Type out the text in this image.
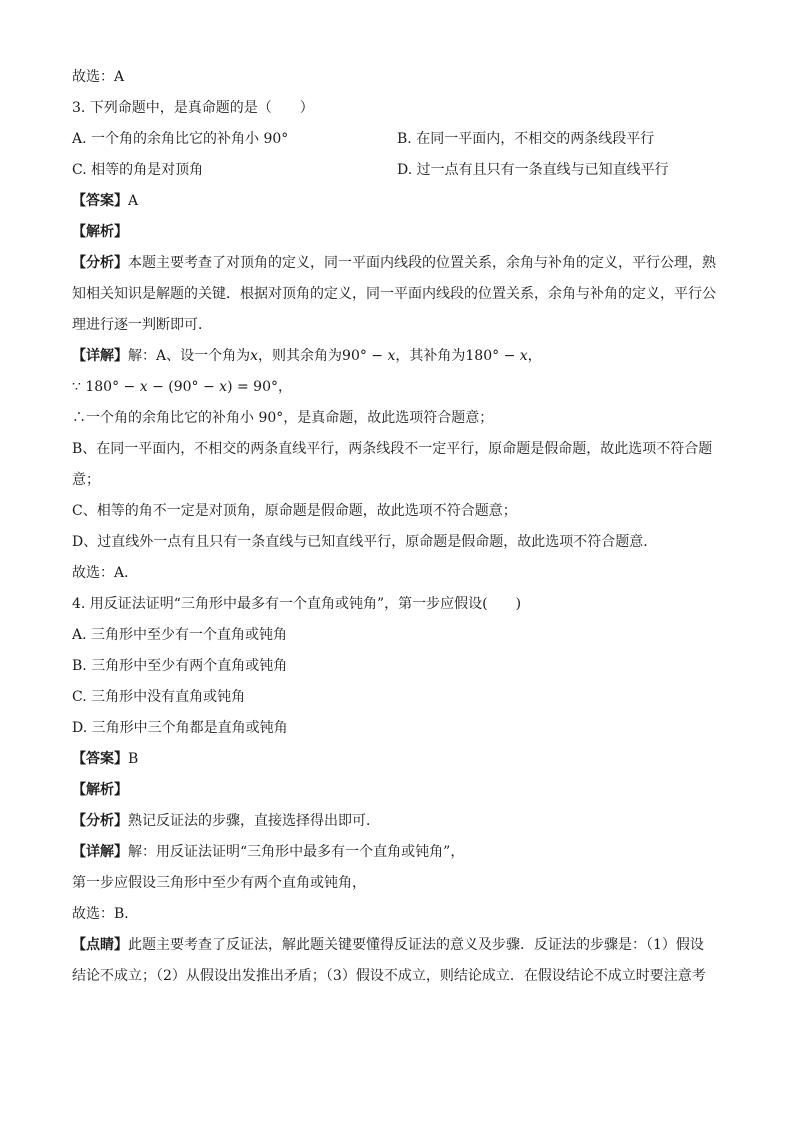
故选：A
3. 下列命题中，是真命题的是（　　）
A. 一个角的余角比它的补角小 90°	B. 在同一平面内，不相交的两条线段平行
C. 相等的角是对顶角	D. 过一点有且只有一条直线与已知直线平行
【答案】A
【解析】
【分析】本题主要考查了对顶角的定义，同一平面内线段的位置关系，余角与补角的定义，平行公理，熟
知相关知识是解题的关键．根据对顶角的定义，同一平面内线段的位置关系，余角与补角的定义，平行公
理进行逐一判断即可．
【详解】解：A、设一个角为x，则其余角为90° − x，其补角为180° − x，
∵ 180° − x − (90° − x) = 90°，
∴一个角的余角比它的补角小 90°，是真命题，故此选项符合题意；
B、在同一平面内，不相交的两条直线平行，两条线段不一定平行，原命题是假命题，故此选项不符合题
意；
C、相等的角不一定是对顶角，原命题是假命题，故此选项不符合题意；
D、过直线外一点有且只有一条直线与已知直线平行，原命题是假命题，故此选项不符合题意．
故选：A．
4. 用反证法证明“三角形中最多有一个直角或钝角”，第一步应假设(　　)
A. 三角形中至少有一个直角或钝角
B. 三角形中至少有两个直角或钝角
C. 三角形中没有直角或钝角
D. 三角形中三个角都是直角或钝角
【答案】B
【解析】
【分析】熟记反证法的步骤，直接选择得出即可．
【详解】解：用反证法证明“三角形中最多有一个直角或钝角”，
第一步应假设三角形中至少有两个直角或钝角，
故选：B．
【点睛】此题主要考查了反证法，解此题关键要懂得反证法的意义及步骤．反证法的步骤是：（1）假设
结论不成立；（2）从假设出发推出矛盾；（3）假设不成立，则结论成立．在假设结论不成立时要注意考
